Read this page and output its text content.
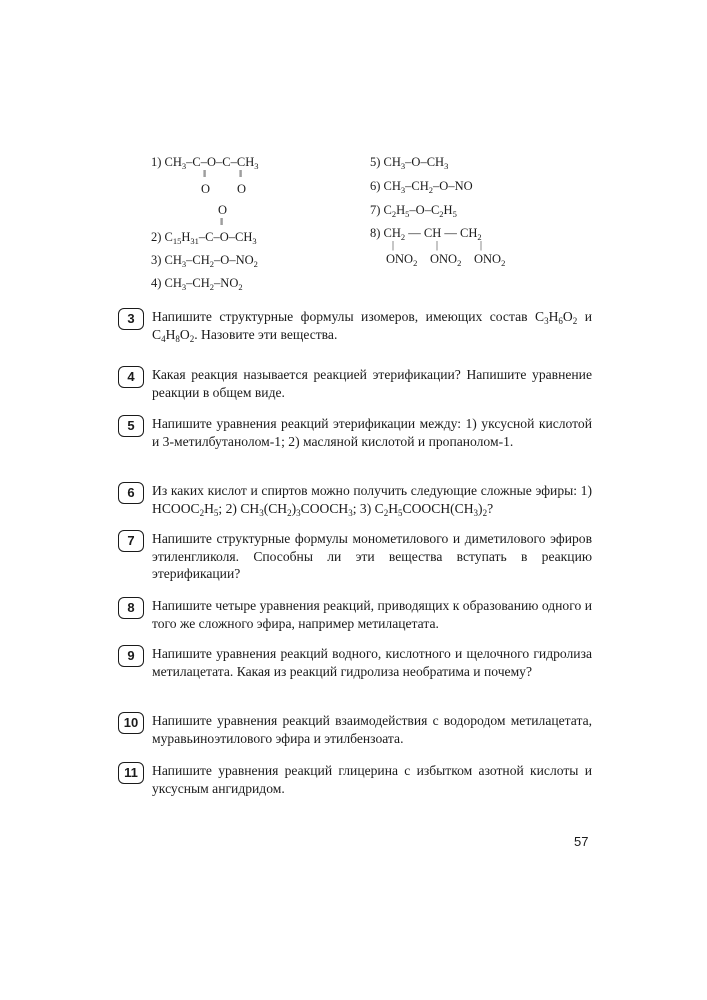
1) $CH_3-C-O-C-CH_3$
‖	‖
O O
O
‖
2) $C_{15}H_{31}-C-O-CH_3$
3) $CH_3-CH_2-O-NO_2$
4) $CH_3-CH_2-NO_2$
5) $CH_3-O-CH_3$
6) $CH_3-CH_2-O-NO$
7) $C_2H_5-O-C_2H_5$
8) $CH_2$ — CH — $CH_2$
|	|	|
$ONO_2$ $ONO_2$ $ONO_2$
3	Напишите структурные формулы изомеров, имеющих состав $C_3H_6O_2$ и $C_4H_8O_2$. Назовите эти вещества.
4	Какая реакция называется реакцией этерификации? Напишите уравнение реакции в общем виде.
5	Напишите уравнения реакций этерификации между: 1) уксусной кислотой и 3-метилбутанолом-1; 2) масляной кислотой и пропанолом-1.
6	Из каких кислот и спиртов можно получить следующие сложные эфиры: 1) $HCOOC_2H_5$; 2) $CH_3(CH_2)_3COOCH_3$; 3) $C_2H_5COOCH(CH_3)_2$?
7	Напишите структурные формулы монометилового и диметилового эфиров этиленгликоля. Способны ли эти вещества вступать в реакцию этерификации?
8	Напишите четыре уравнения реакций, приводящих к образованию одного и того же сложного эфира, например метилацетата.
9	Напишите уравнения реакций водного, кислотного и щелочного гидролиза метилацетата. Какая из реакций гидролиза необратима и почему?
10	Напишите уравнения реакций взаимодействия с водородом метилацетата, муравьиноэтилового эфира и этилбензоата.
11	Напишите уравнения реакций глицерина с избытком азотной кислоты и уксусным ангидридом.
57
